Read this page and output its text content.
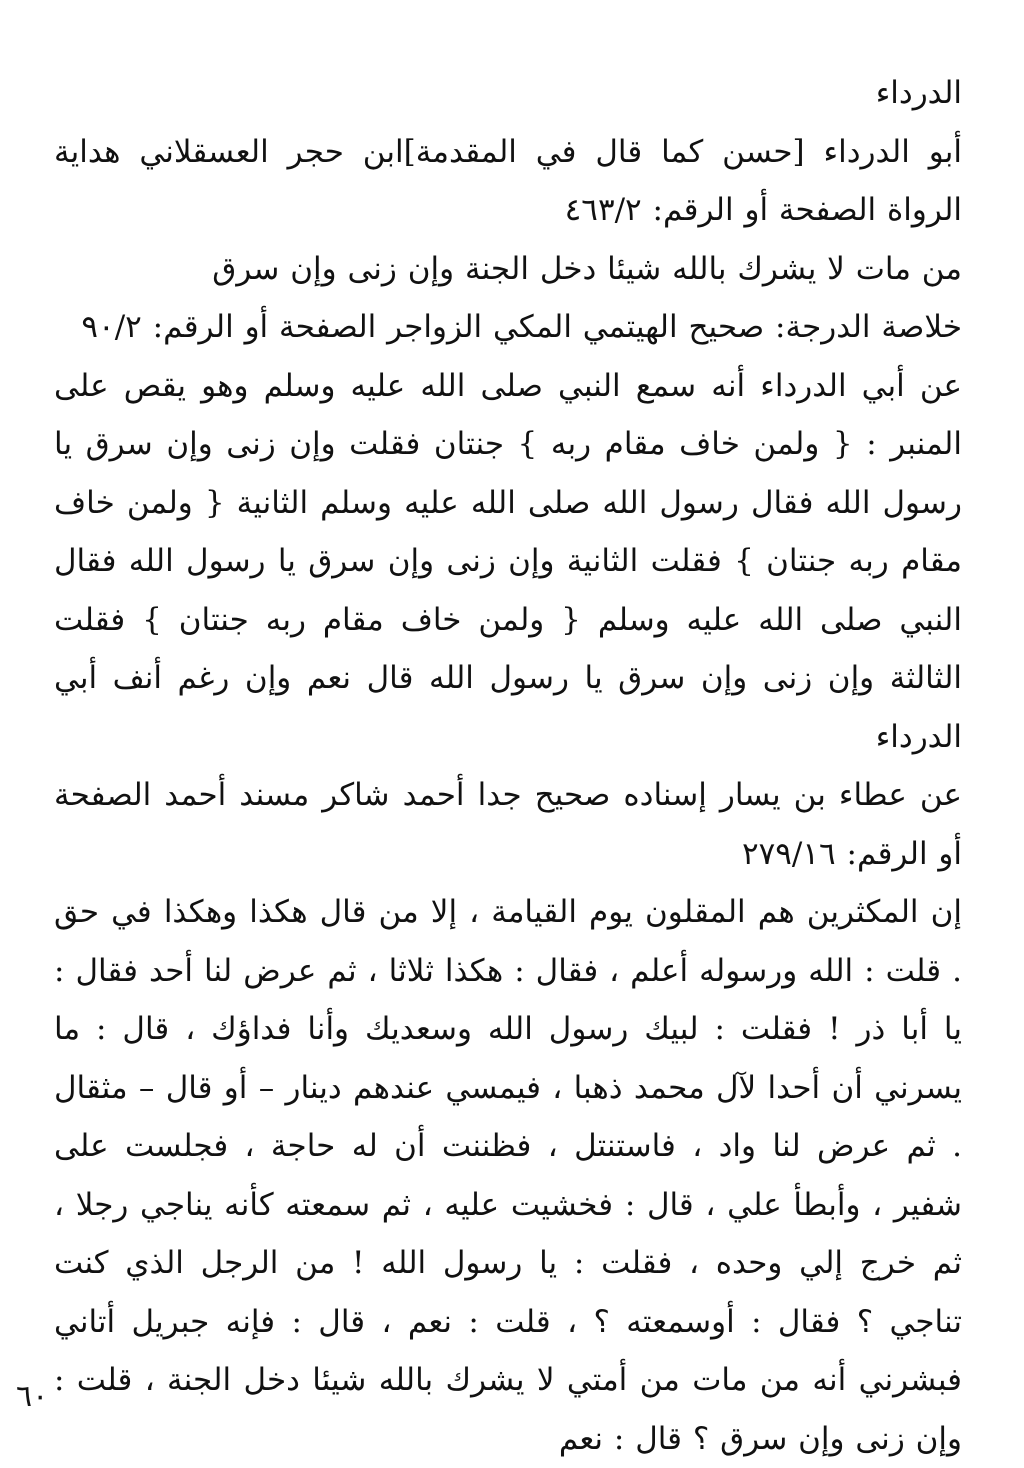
الدرداء

أبو الدرداء [حسن كما قال في المقدمة]ابن حجر العسقلاني هداية الرواة الصفحة أو الرقم: ٤٦٣/٢

من مات لا يشرك بالله شيئا دخل الجنة وإن زنى وإن سرق

خلاصة الدرجة: صحيح الهيتمي المكي الزواجر الصفحة أو الرقم: ٩٠/٢

عن أبي الدرداء أنه سمع النبي صلى الله عليه وسلم وهو يقص على المنبر : { ولمن خاف مقام ربه } جنتان فقلت وإن زنى وإن سرق يا رسول الله فقال رسول الله صلى الله عليه وسلم الثانية { ولمن خاف مقام ربه جنتان } فقلت الثانية وإن زنى وإن سرق يا رسول الله فقال النبي صلى الله عليه وسلم { ولمن خاف مقام ربه جنتان } فقلت الثالثة وإن زنى وإن سرق يا رسول الله قال نعم وإن رغم أنف أبي الدرداء

عن عطاء بن يسار إسناده صحيح جدا أحمد شاكر مسند أحمد الصفحة أو الرقم: ٢٧٩/١٦

إن المكثرين هم المقلون يوم القيامة ، إلا من قال هكذا وهكذا في حق . قلت : الله ورسوله أعلم ، فقال : هكذا ثلاثا ، ثم عرض لنا أحد فقال : يا أبا ذر ! فقلت : لبيك رسول الله وسعديك وأنا فداؤك ، قال : ما يسرني أن أحدا لآل محمد ذهبا ، فيمسي عندهم دينار – أو قال – مثقال . ثم عرض لنا واد ، فاستنتل ، فظننت أن له حاجة ، فجلست على شفير ، وأبطأ علي ، قال : فخشيت عليه ، ثم سمعته كأنه يناجي رجلا ، ثم خرج إلي وحده ، فقلت : يا رسول الله ! من الرجل الذي كنت تناجي ؟ فقال : أوسمعته ؟ ، قلت : نعم ، قال : فإنه جبريل أتاني فبشرني أنه من مات من أمتي لا يشرك بالله شيئا دخل الجنة ، قلت : وإن زنى وإن سرق ؟ قال : نعم

٦٠
